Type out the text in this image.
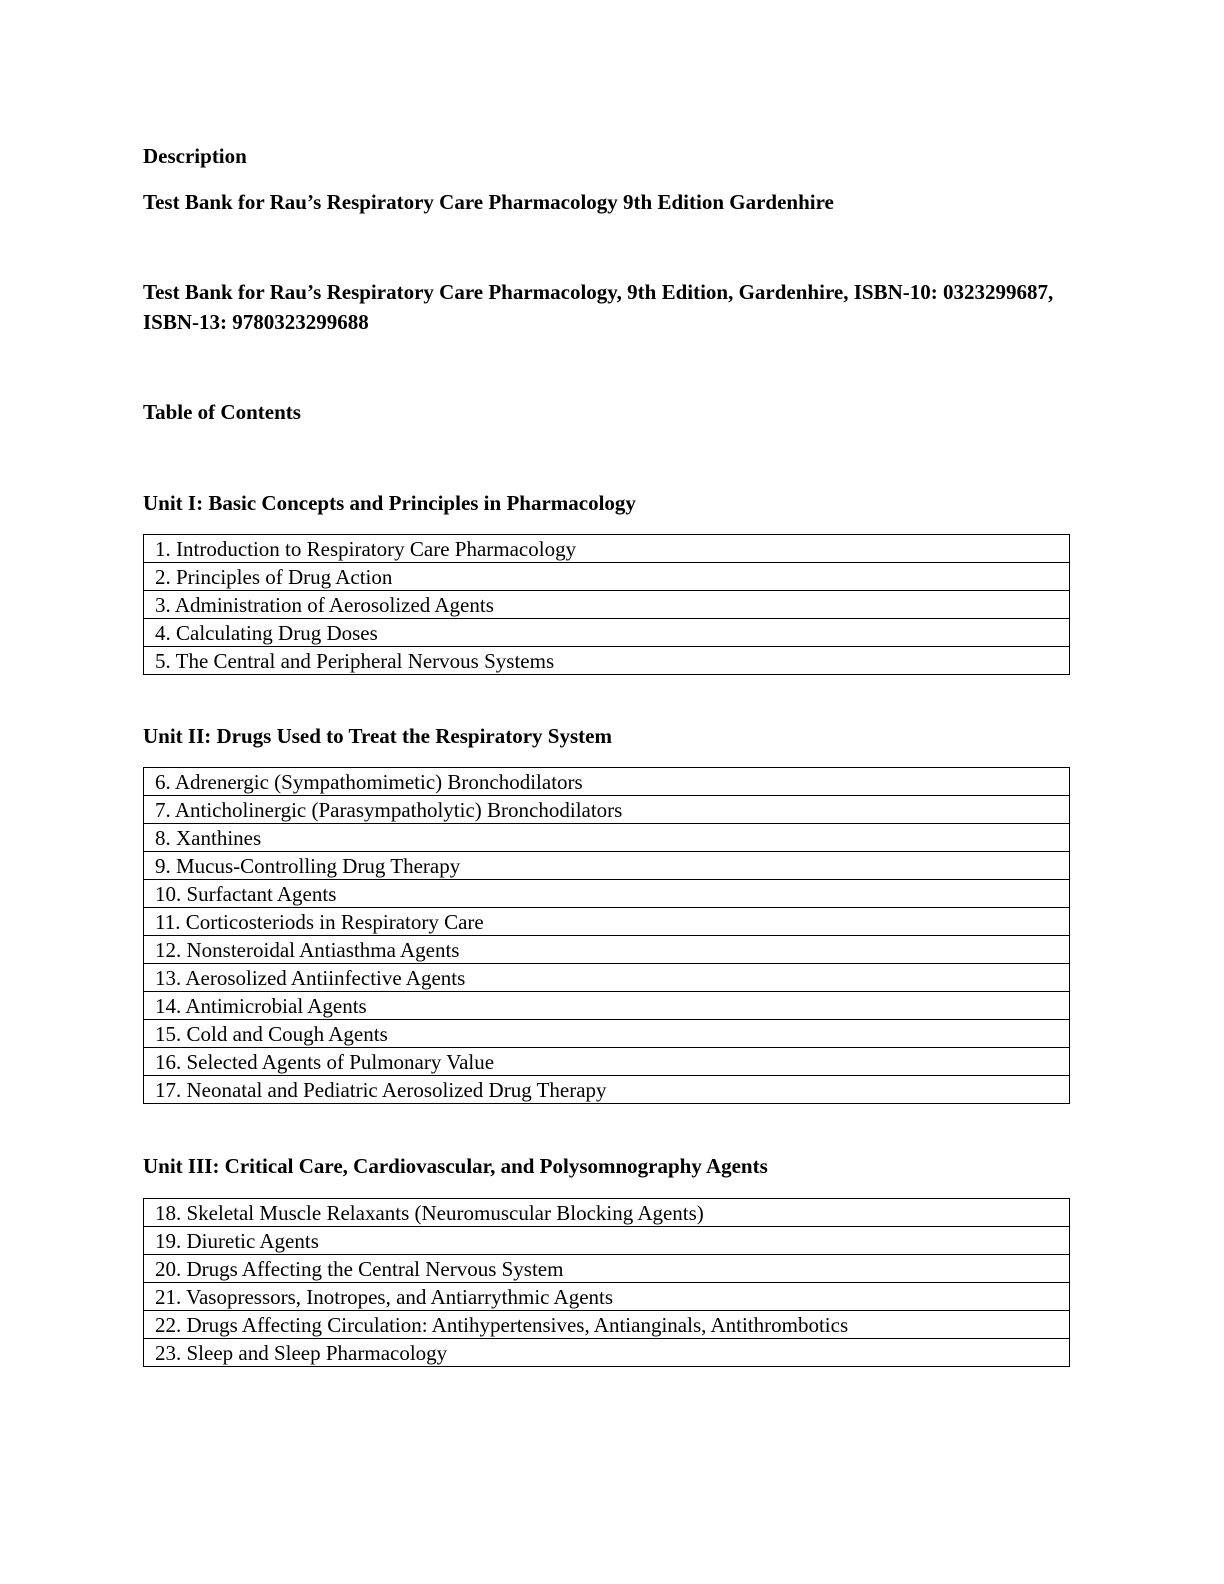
Description

Test Bank for Rau’s Respiratory Care Pharmacology 9th Edition Gardenhire

Test Bank for Rau’s Respiratory Care Pharmacology, 9th Edition, Gardenhire, ISBN-10: 0323299687, ISBN-13: 9780323299688

Table of Contents

Unit I: Basic Concepts and Principles in Pharmacology

1. Introduction to Respiratory Care Pharmacology
2. Principles of Drug Action
3. Administration of Aerosolized Agents
4. Calculating Drug Doses
5. The Central and Peripheral Nervous Systems

Unit II: Drugs Used to Treat the Respiratory System

6. Adrenergic (Sympathomimetic) Bronchodilators
7. Anticholinergic (Parasympatholytic) Bronchodilators
8. Xanthines
9. Mucus-Controlling Drug Therapy
10. Surfactant Agents
11. Corticosteriods in Respiratory Care
12. Nonsteroidal Antiasthma Agents
13. Aerosolized Antiinfective Agents
14. Antimicrobial Agents
15. Cold and Cough Agents
16. Selected Agents of Pulmonary Value
17. Neonatal and Pediatric Aerosolized Drug Therapy

Unit III: Critical Care, Cardiovascular, and Polysomnography Agents

18. Skeletal Muscle Relaxants (Neuromuscular Blocking Agents)
19. Diuretic Agents
20. Drugs Affecting the Central Nervous System
21. Vasopressors, Inotropes, and Antiarrythmic Agents
22. Drugs Affecting Circulation: Antihypertensives, Antianginals, Antithrombotics
23. Sleep and Sleep Pharmacology
